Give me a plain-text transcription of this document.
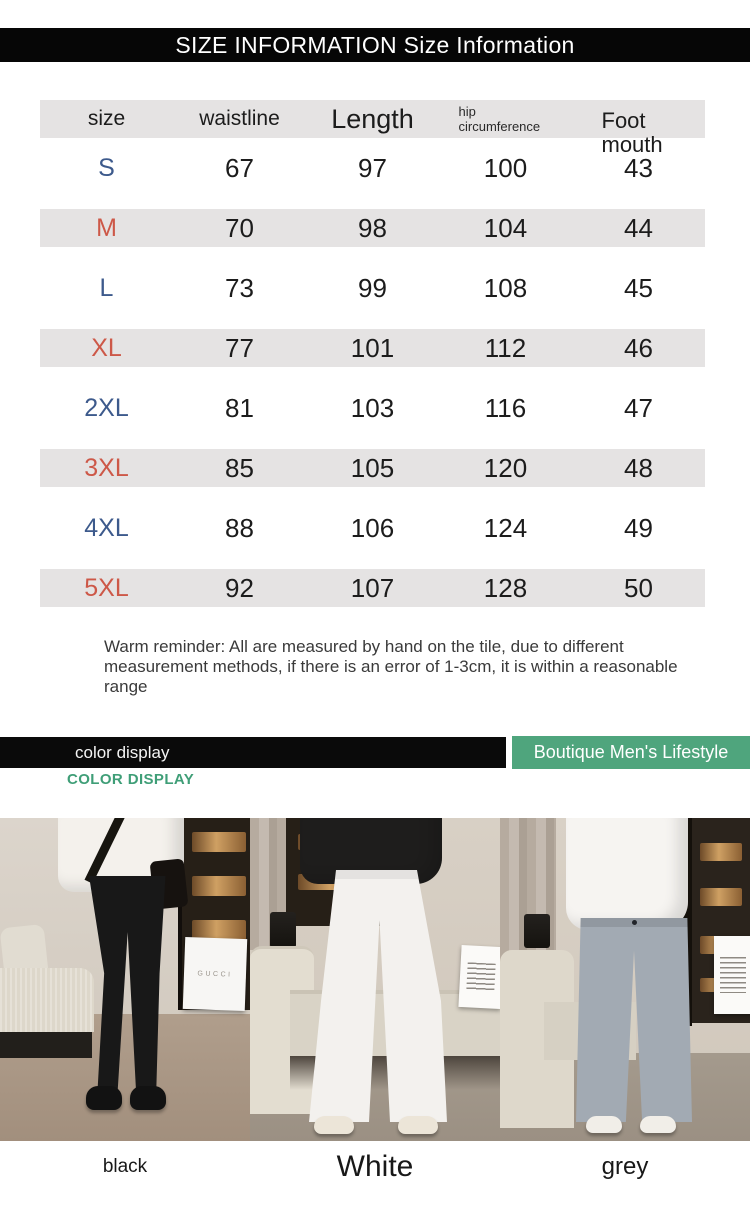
SIZE INFORMATION Size Information
size	waistline	Length	hip circumference	Foot mouth
S	67	97	100	43
M	70	98	104	44
L	73	99	108	45
XL	77	101	112	46
2XL	81	103	116	47
3XL	85	105	120	48
4XL	88	106	124	49
5XL	92	107	128	50
Warm reminder: All are measured by hand on the tile, due to different measurement methods, if there is an error of 1-3cm, it is within a reasonable range
color display	Boutique Men's Lifestyle
COLOR DISPLAY
GUCCI
black	White	grey
